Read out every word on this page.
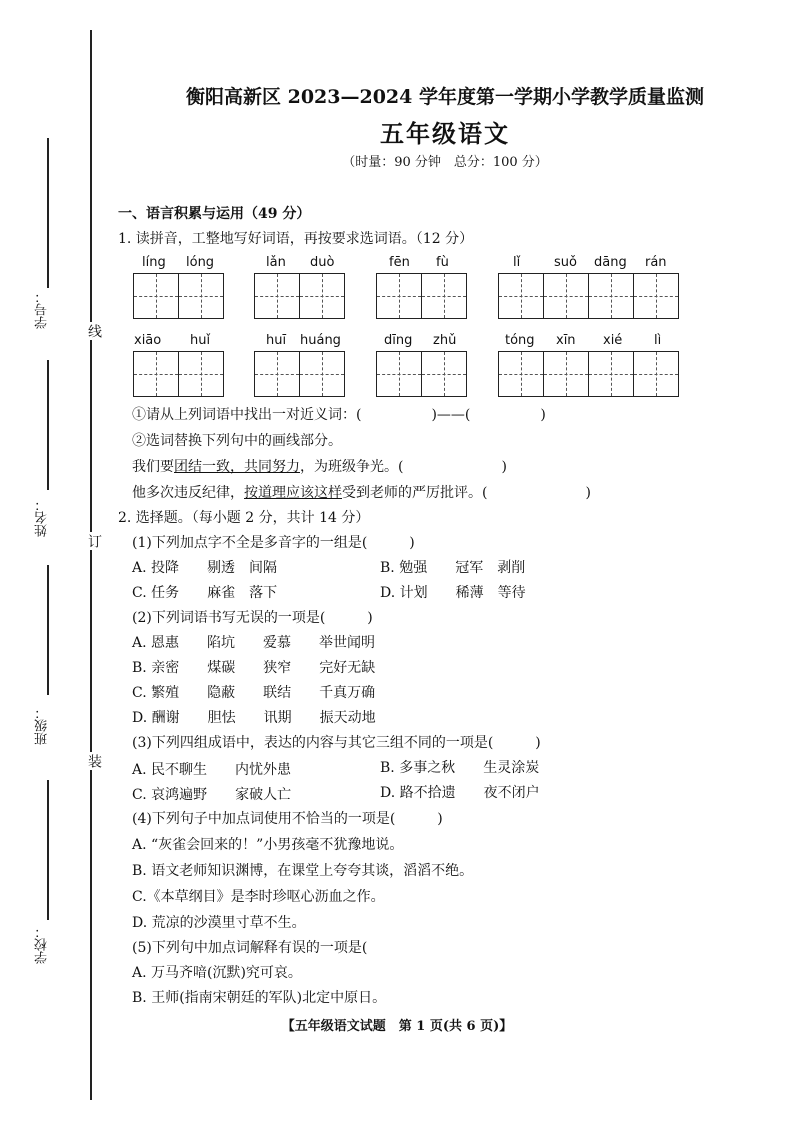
线
订
装
学号：
姓名：
班级：
学校：
衡阳高新区 2023—2024 学年度第一学期小学教学质量监测
五年级语文
（时量：90 分钟　总分：100 分）
一、语言积累与运用（49 分）
1. 读拼音，工整地写好词语，再按要求选词语。（12 分）
líng lóng	lǎn duò	fēn fù	lǐ	suǒ dāng rán
xiāo huǐ	huī huáng	dīng zhǔ	tóng xīn xié lì
①请从上列词语中找出一对近义词：(　　　　　)——(　　　　　)
②选词替换下列句中的画线部分。
我们要团结一致，共同努力，为班级争光。(　　　　　　　)
他多次违反纪律，按道理应该这样受到老师的严厉批评。(　　　　　　　)
2. 选择题。（每小题 2 分，共计 14 分）
(1)下列加点字不全是多音字的一组是(　　　)
A. 投降　　剔透　间隔	B. 勉强　　冠军　剥削
C. 任务　　麻雀　落下	D. 计划　　稀薄　等待
(2)下列词语书写无误的一项是(　　　)
A. 恩惠　　陷坑　　爱慕　　举世闻明
B. 亲密　　煤碳　　狭窄　　完好无缺
C. 繁殖　　隐蔽　　联结　　千真万确
D. 酬谢　　胆怯　　讯期　　振天动地
(3)下列四组成语中，表达的内容与其它三组不同的一项是(　　　)
A. 民不聊生　　内忧外患	B. 多事之秋　　生灵涂炭
C. 哀鸿遍野　　家破人亡	D. 路不拾遗　　夜不闭户
(4)下列句子中加点词使用不恰当的一项是(　　　)
A. “灰雀会回来的！”小男孩毫不犹豫地说。
B. 语文老师知识渊博，在课堂上夸夸其谈，滔滔不绝。
C.《本草纲目》是李时珍呕心沥血之作。
D. 荒凉的沙漠里寸草不生。
(5)下列句中加点词解释有误的一项是(
A. 万马齐喑(沉默)究可哀。
B. 王师(指南宋朝廷的军队)北定中原日。
【五年级语文试题　第 1 页(共 6 页)】
